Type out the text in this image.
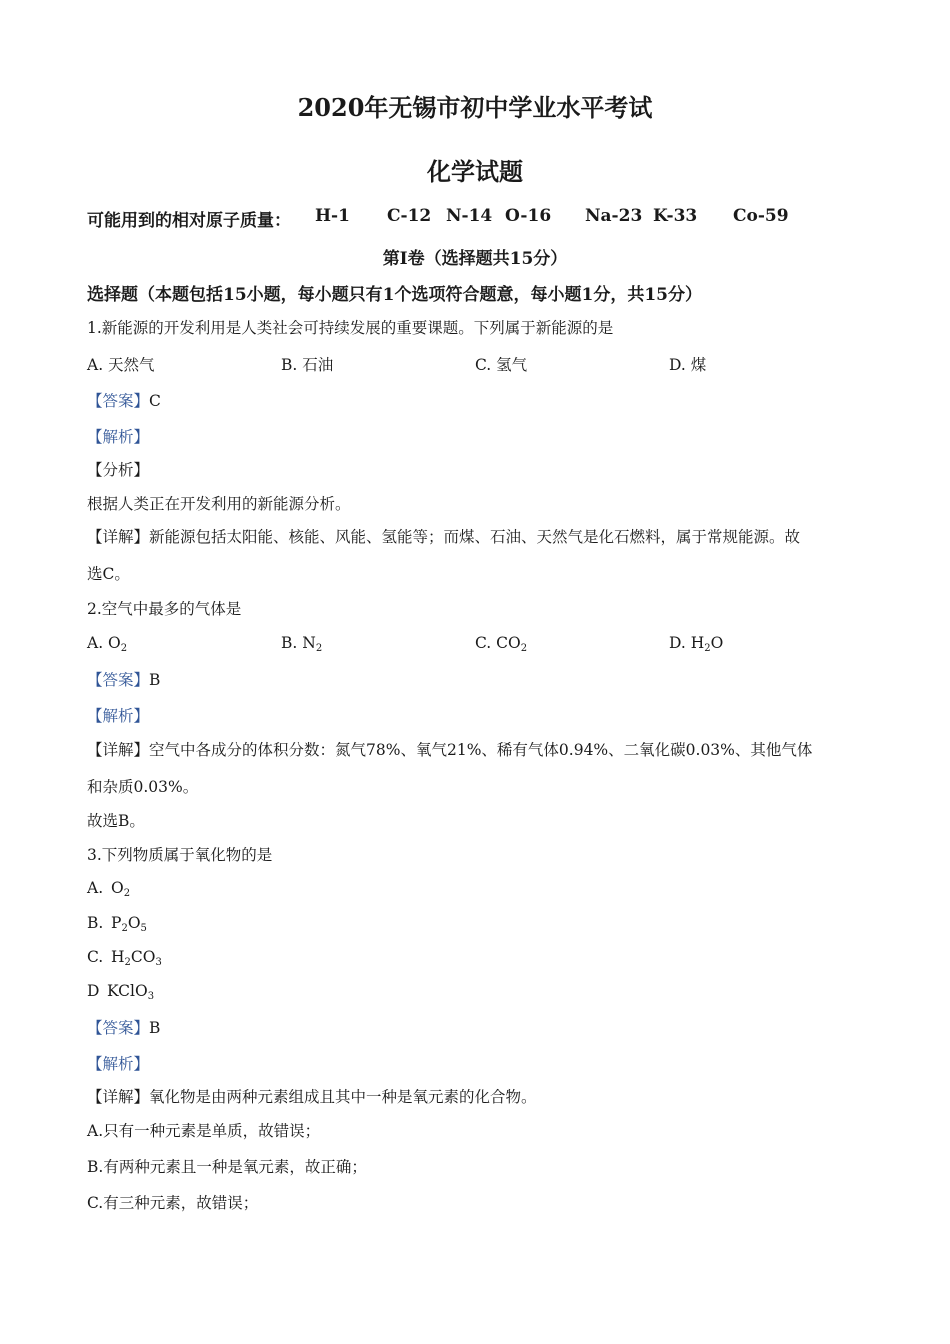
2020年无锡市初中学业水平考试
化学试题
可能用到的相对原子质量： H-1 C-12 N-14 O-16 Na-23 K-33 Co-59
第I卷（选择题共15分）
选择题（本题包括15小题，每小题只有1个选项符合题意，每小题1分，共15分）
1.新能源的开发利用是人类社会可持续发展的重要课题。下列属于新能源的是
A. 天然气	B. 石油	C. 氢气	D. 煤
【答案】C
【解析】
【分析】
根据人类正在开发利用的新能源分析。
【详解】新能源包括太阳能、核能、风能、氢能等；而煤、石油、天然气是化石燃料，属于常规能源。故
选C。
2.空气中最多的气体是
A. $O_2$	B. $N_2$	C. $CO_2$	D. $H_2O$
【答案】B
【解析】
【详解】空气中各成分的体积分数：氮气78%、氧气21%、稀有气体0.94%、二氧化碳0.03%、其他气体
和杂质0.03%。
故选B。
3.下列物质属于氧化物的是
A. $O_2$
B. $P_2O_5$
C. $H_2CO_3$
D KClO$_3$
【答案】B
【解析】
【详解】氧化物是由两种元素组成且其中一种是氧元素的化合物。
A.只有一种元素是单质，故错误；
B.有两种元素且一种是氧元素，故正确；
C.有三种元素，故错误；
